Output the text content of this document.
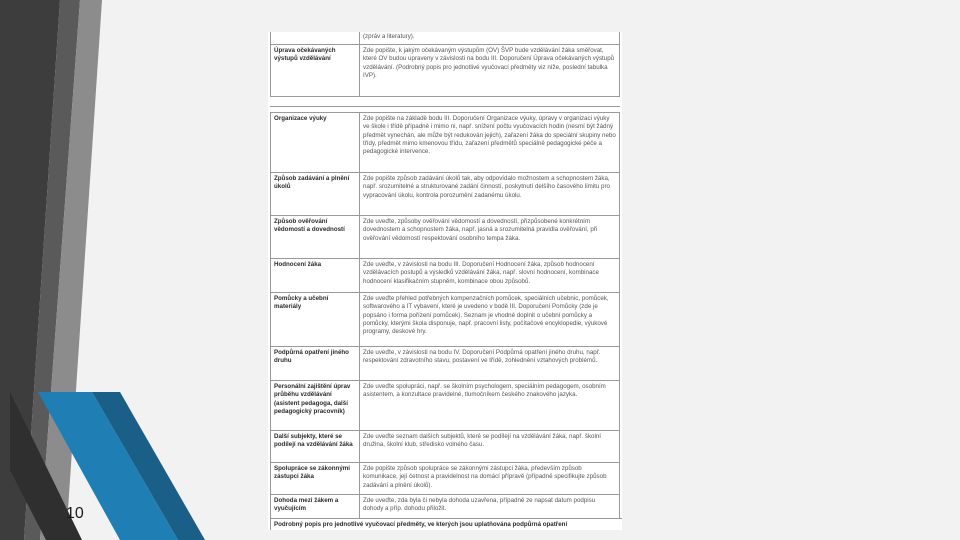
10
	(zpráv a literatury).
Úprava očekávaných výstupů vzdělávání	Zde popište, k jakým očekávaným výstupům (OV) ŠVP bude vzdělávání žáka směřovat, které OV budou upraveny v závislosti na bodu III. Doporučení Úprava očekávaných výstupů vzdělávání. (Podrobný popis pro jednotlivé vyučovací předměty viz níže, poslední tabulka IVP).
Organizace výuky	Zde popište na základě bodu III. Doporučení Organizace výuky, úpravy v organizaci výuky ve škole i třídě případně i mimo ni, např. snížení počtu vyučovacích hodin (nesmí být žádný předmět vynechán, ale může být redukován jejich), zařazení žáka do speciální skupiny nebo třídy, předmět mimo kmenovou třídu, zařazení předmětů speciálně pedagogické péče a pedagogické intervence.
Způsob zadávání a plnění úkolů	Zde popište způsob zadávání úkolů tak, aby odpovídalo možnostem a schopnostem žáka, např. srozumitelné a strukturované zadání činností, poskytnutí delšího časového limitu pro vypracování úkolu, kontrola porozumění zadanému úkolu.
Způsob ověřování vědomostí a dovedností	Zde uveďte, způsoby ověřování vědomostí a dovedností, přizpůsobené konkrétním dovednostem a schopnostem žáka, např. jasná a srozumitelná pravidla ověřování, při ověřování vědomostí respektování osobního tempa žáka.
Hodnocení žáka	Zde uveďte, v závislosti na bodu III. Doporučení Hodnocení žáka, způsob hodnocení vzdělávacích postupů a výsledků vzdělávání žáka, např. slovní hodnocení, kombinace hodnocení klasifikačním stupněm, kombinace obou způsobů.
Pomůcky a učební materiály	Zde uveďte přehled potřebných kompenzačních pomůcek, speciálních učebnic, pomůcek, softwarového a IT vybavení, které je uvedeno v bodě III. Doporučení Pomůcky (zde je popsáno i forma pořízení pomůcek). Seznam je vhodné doplnit o učební pomůcky a pomůcky, kterými škola disponuje, např. pracovní listy, počítačové encyklopedie, výukové programy, deskové hry.
Podpůrná opatření jiného druhu	Zde uveďte, v závislosti na bodu IV. Doporučení Podpůrná opatření jiného druhu, např. respektování zdravotního stavu, postavení ve třídě, zohlednění vztahových problémů.
Personální zajištění úprav průběhu vzdělávání (asistent pedagoga, další pedagogický pracovník)	Zde uveďte spolupráci, např. se školním psychologem, speciálním pedagogem, osobním asistentem, a konzultace pravidelné, tlumočníkem českého znakového jazyka.
Další subjekty, které se podílejí na vzdělávání žáka	Zde uveďte seznam dalších subjektů, které se podílejí na vzdělávání žáka, např. školní družina, školní klub, středisko volného času.
Spolupráce se zákonnými zástupci žáka	Zde popište způsob spolupráce se zákonnými zástupci žáka, především způsob komunikace, její četnost a pravidelnost na domácí přípravě (případně specifikujte způsob zadávání a plnění úkolů).
Dohoda mezi žákem a vyučujícím	Zde uveďte, zda byla či nebyla dohoda uzavřena, případně ze napsat datum podpisu dohody a příp. dohodu přiložit.
Podrobný popis pro jednotlivé vyučovací předměty, ve kterých jsou uplatňována podpůrná opatření
